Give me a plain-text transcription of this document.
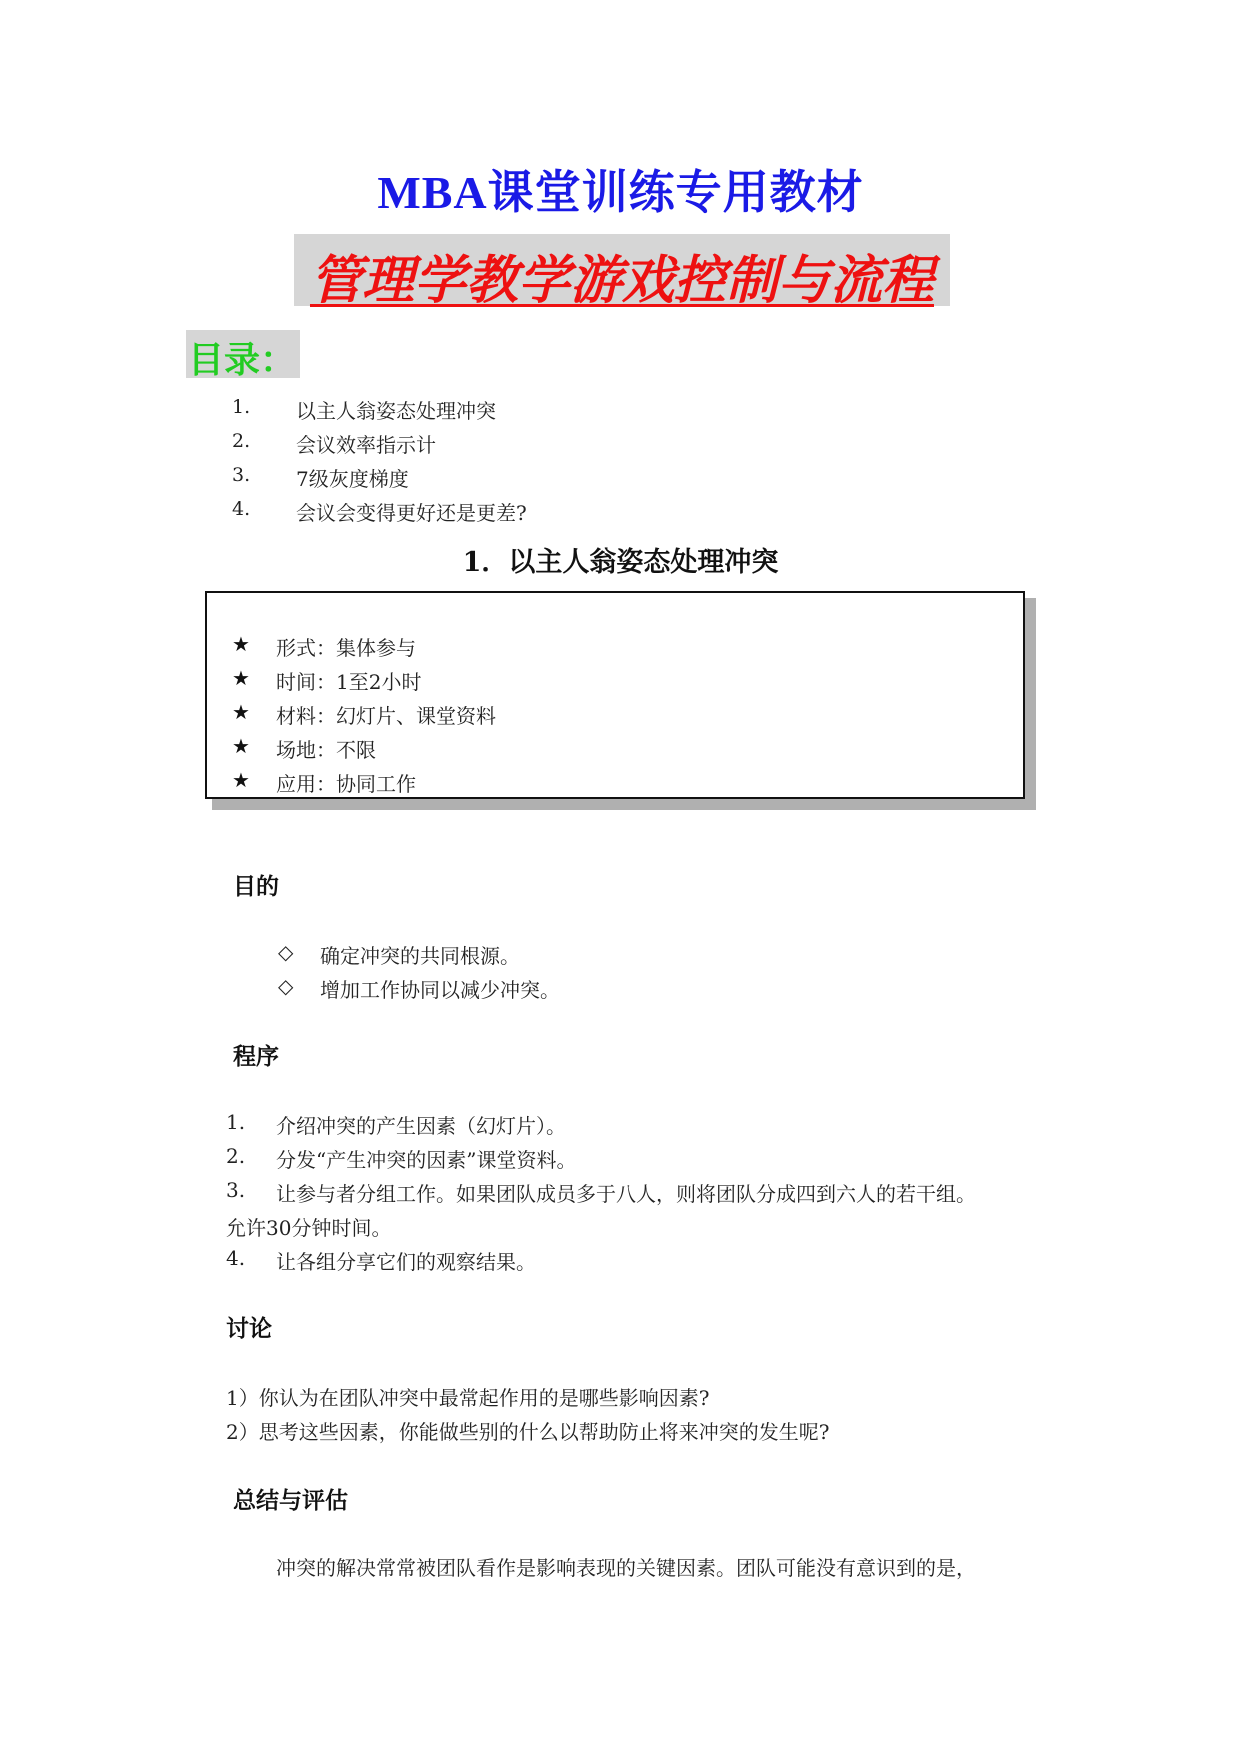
MBA课堂训练专用教材
管理学教学游戏控制与流程
目录：
1. 以主人翁姿态处理冲突
2. 会议效率指示计
3. 7级灰度梯度
4. 会议会变得更好还是更差?
1．以主人翁姿态处理冲突
★ 形式：集体参与
★ 时间：1至2小时
★ 材料：幻灯片、课堂资料
★ 场地：不限
★ 应用：协同工作
目的
◇ 确定冲突的共同根源。
◇ 增加工作协同以减少冲突。
程序
1. 介绍冲突的产生因素（幻灯片）。
2. 分发“产生冲突的因素”课堂资料。
3. 让参与者分组工作。如果团队成员多于八人，则将团队分成四到六人的若干组。
允许30分钟时间。
4. 让各组分享它们的观察结果。
讨论
1）你认为在团队冲突中最常起作用的是哪些影响因素?
2）思考这些因素，你能做些别的什么以帮助防止将来冲突的发生呢?
总结与评估
冲突的解决常常被团队看作是影响表现的关键因素。团队可能没有意识到的是，
